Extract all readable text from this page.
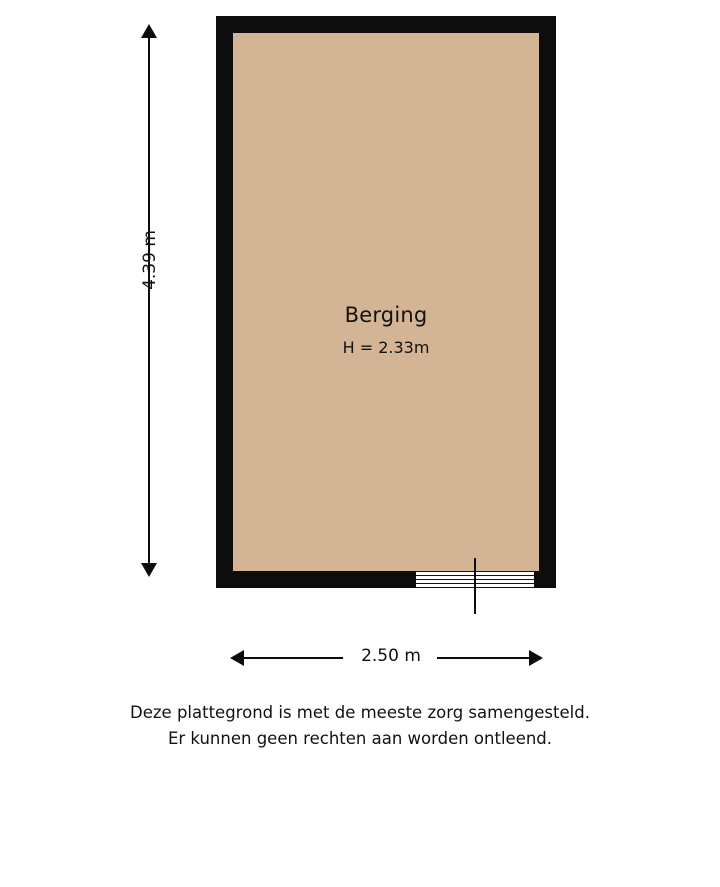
Berging
H = 2.33m
4.39 m
2.50 m
Deze plattegrond is met de meeste zorg samengesteld.
Er kunnen geen rechten aan worden ontleend.
